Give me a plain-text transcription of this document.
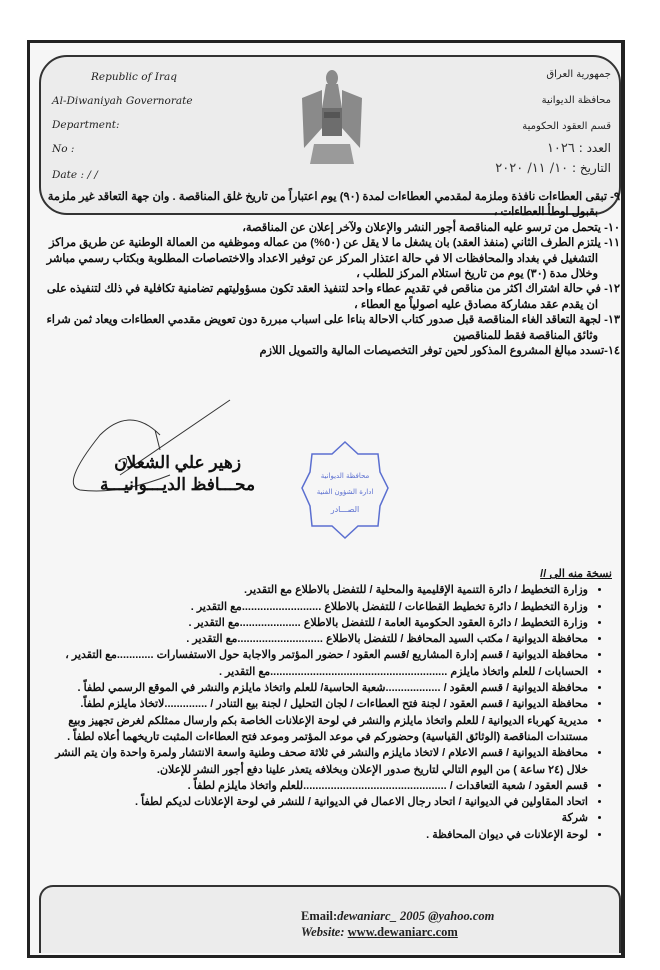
Republic of Iraq
Al-Diwaniyah Governorate
Department:
No :
Date : / /
جمهورية العراق
محافظة الديوانية
قسم العقود الحكومية
العدد : ١٠٢٦
التاريخ : ١٠/ ١١/ ٢٠٢٠
٩- تبقى العطاءات نافذة وملزمة لمقدمي العطاءات لمدة (٩٠) يوم اعتباراً من تاريخ غلق المناقصة . وان جهة التعاقد غير ملزمة بقبول اوطأ العطاءات ،
١٠- يتحمل من ترسو عليه المناقصة أجور النشر والإعلان ولآخر إعلان عن المناقصة،
١١- يلتزم الطرف الثاني (منفذ العقد) بان يشغل ما لا يقل عن (٥٠%) من عماله وموظفيه من العمالة الوطنية عن طريق مراكز التشغيل في بغداد والمحافظات الا في حالة اعتذار المركز عن توفير الاعداد والاختصاصات المطلوبة وبكتاب رسمي مباشر وخلال مدة (٣٠) يوم من تاريخ استلام المركز للطلب ،
١٢- في حالة اشتراك اكثر من مناقص في تقديم عطاء واحد لتنفيذ العقد تكون مسؤوليتهم تضامنية تكافلية في ذلك لتنفيذه على ان يقدم عقد مشاركة مصادق عليه اصولياً مع العطاء ،
١٣- لجهة التعاقد الغاء المناقصة قبل صدور كتاب الاحالة بناءا على اسباب مبررة دون تعويض مقدمي العطاءات ويعاد ثمن شراء وثائق المناقصة فقط للمناقصين
١٤-تسدد مبالغ المشروع المذكور لحين توفر التخصيصات المالية والتمويل اللازم
زهير علي الشعلان
محـــافظ الديـــوانيـــة	محافظة الديوانية
ادارة الشؤون الفنية
الصـــادر
نسخة منه الى //
• وزارة التخطيط / دائرة التنمية الإقليمية والمحلية / للتفضل بالاطلاع مع التقدير.
• وزارة التخطيط / دائرة تخطيط القطاعات / للتفضل بالاطلاع ..........................مع التقدير .
• وزارة التخطيط / دائرة العقود الحكومية العامة / للتفضل بالاطلاع ....................مع التقدير .
• محافظة الديوانية / مكتب السيد المحافظ / للتفضل بالاطلاع ............................مع التقدير .
• محافظة الديوانية / قسم إدارة المشاريع /قسم العقود / حضور المؤتمر والاجابة حول الاستفسارات ............مع التقدير ،
• الحسابات / للعلم واتخاذ مايلزم ..........................................................مع التقدير .
• محافظة الديوانية / قسم العقود / ..................شعبة الحاسبة/ للعلم واتخاذ مايلزم والنشر في الموقع الرسمي لطفاً .
• محافظة الديوانية / قسم العقود / لجنة فتح العطاءات / لجان التحليل / لجنة بيع التنادر / ..............لاتخاذ مايلزم لطفاً.
• مديرية كهرباء الديوانية / للعلم واتخاذ مايلزم والنشر في لوحة الإعلانات الخاصة بكم وارسال ممثلكم لغرض تجهيز وبيع مستندات المناقصة (الوثائق القياسية) وحضوركم في موعد المؤتمر وموعد فتح العطاءات المثبت تاريخهما أعلاه لطفاً .
• محافظة الديوانية / قسم الاعلام / لاتخاذ مايلزم والنشر في ثلاثة صحف وطنية واسعة الانتشار ولمرة واحدة وان يتم النشر خلال (٢٤ ساعة ) من اليوم التالي لتاريخ صدور الإعلان وبخلافه يتعذر علينا دفع أجور النشر للإعلان.
• قسم العقود / شعبة التعاقدات / ...............................................للعلم واتخاذ مايلزم لطفاً .
• اتحاد المقاولين في الديوانية / اتحاد رجال الاعمال في الديوانية / للنشر في لوحة الإعلانات لديكم لطفاً .
• شركة
• لوحة الإعلانات في ديوان المحافظة .
Email:dewaniarc_ 2005 @yahoo.com
Website: www.dewaniarc.com
